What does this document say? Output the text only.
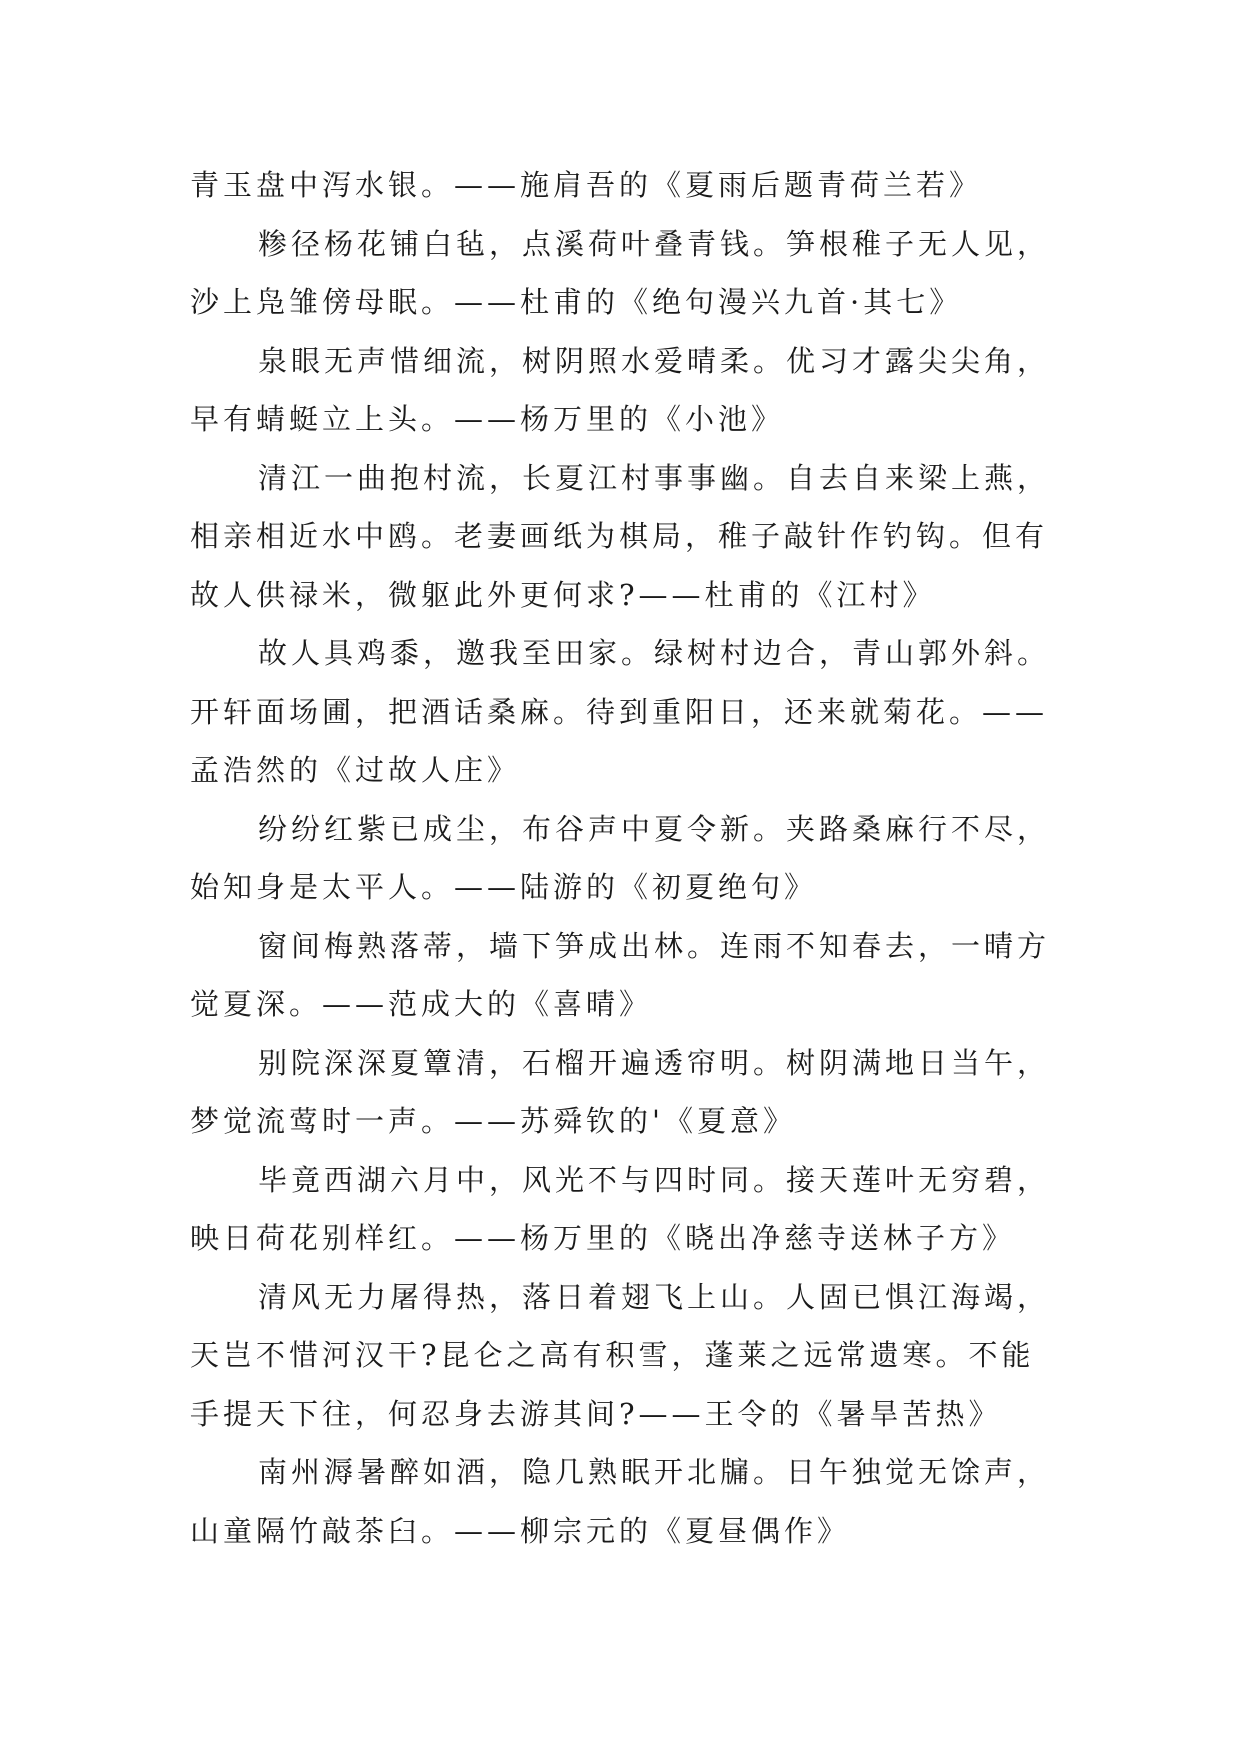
青玉盘中泻水银。——施肩吾的《夏雨后题青荷兰若》
糁径杨花铺白毡，点溪荷叶叠青钱。笋根稚子无人见，
沙上凫雏傍母眠。——杜甫的《绝句漫兴九首·其七》
泉眼无声惜细流，树阴照水爱晴柔。优习才露尖尖角，
早有蜻蜓立上头。——杨万里的《小池》
清江一曲抱村流，长夏江村事事幽。自去自来梁上燕，
相亲相近水中鸥。老妻画纸为棋局，稚子敲针作钓钩。但有
故人供禄米，微躯此外更何求?——杜甫的《江村》
故人具鸡黍，邀我至田家。绿树村边合，青山郭外斜。
开轩面场圃，把酒话桑麻。待到重阳日，还来就菊花。——
孟浩然的《过故人庄》
纷纷红紫已成尘，布谷声中夏令新。夹路桑麻行不尽，
始知身是太平人。——陆游的《初夏绝句》
窗间梅熟落蒂，墙下笋成出林。连雨不知春去，一晴方
觉夏深。——范成大的《喜晴》
别院深深夏簟清，石榴开遍透帘明。树阴满地日当午，
梦觉流莺时一声。——苏舜钦的'《夏意》
毕竟西湖六月中，风光不与四时同。接天莲叶无穷碧，
映日荷花别样红。——杨万里的《晓出净慈寺送林子方》
清风无力屠得热，落日着翅飞上山。人固已惧江海竭，
天岂不惜河汉干?昆仑之高有积雪，蓬莱之远常遗寒。不能
手提天下往，何忍身去游其间?——王令的《暑旱苦热》
南州溽暑醉如酒，隐几熟眠开北牖。日午独觉无馀声，
山童隔竹敲茶臼。——柳宗元的《夏昼偶作》
